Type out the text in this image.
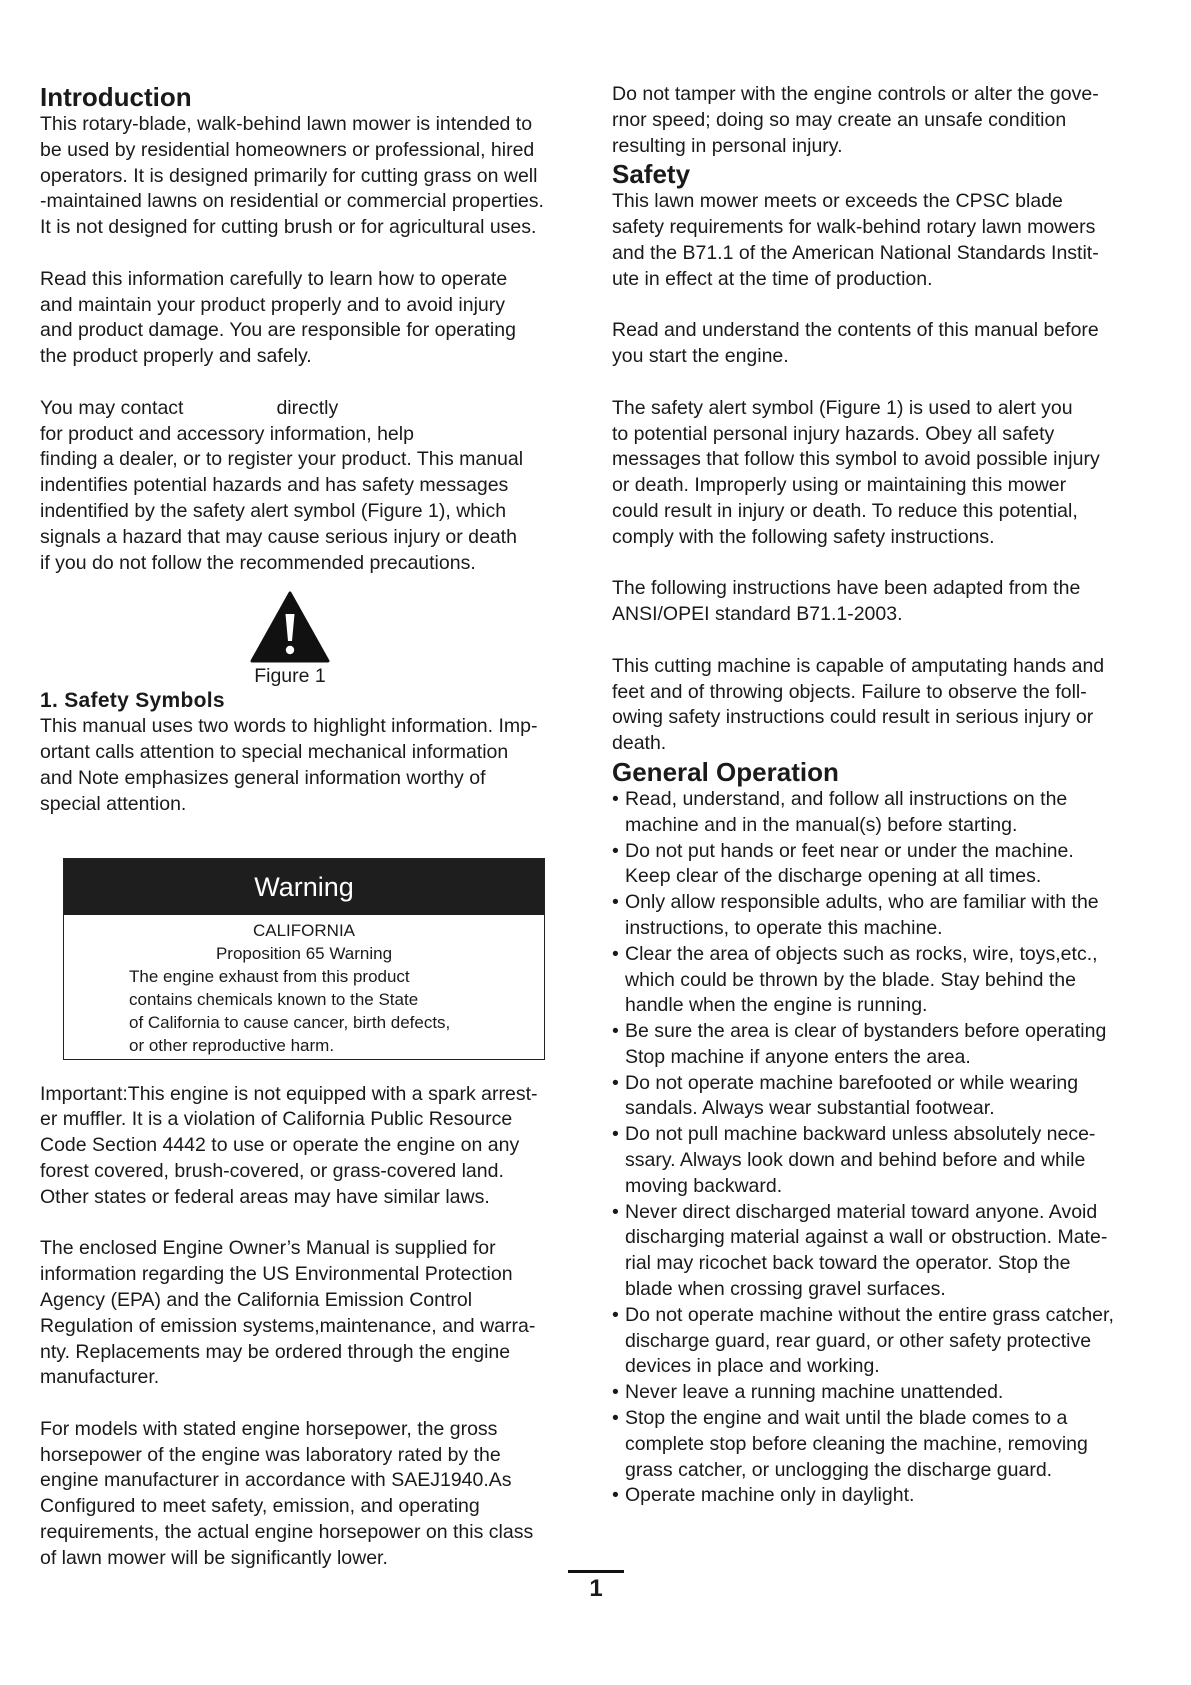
Introduction

This rotary-blade, walk-behind lawn mower is intended to
be used by residential homeowners or professional, hired
operators. It is designed primarily for cutting grass on well
-maintained lawns on residential or commercial properties.
It is not designed for cutting brush or for agricultural uses.

Read this information carefully to learn how to operate
and maintain your product properly and to avoid injury
and product damage. You are responsible for operating
the product properly and safely.

You may contact	directly
for product and accessory information, help
finding a dealer, or to register your product. This manual
indentifies potential hazards and has safety messages
indentified by the safety alert symbol (Figure 1), which
signals a hazard that may cause serious injury or death
if you do not follow the recommended precautions.

Figure 1
1. Safety Symbols

This manual uses two words to highlight information. Imp-
ortant calls attention to special mechanical information
and Note emphasizes general information worthy of
special attention.

Warning
CALIFORNIA
Proposition 65 Warning
The engine exhaust from this product
contains chemicals known to the State
of California to cause cancer, birth defects,
or other reproductive harm.

Important:This engine is not equipped with a spark arrest-
er muffler. It is a violation of California Public Resource
Code Section 4442 to use or operate the engine on any
forest covered, brush-covered, or grass-covered land.
Other states or federal areas may have similar laws.

The enclosed Engine Owner’s Manual is supplied for
information regarding the US Environmental Protection
Agency (EPA) and the California Emission Control
Regulation of emission systems,maintenance, and warra-
nty. Replacements may be ordered through the engine
manufacturer.

For models with stated engine horsepower, the gross
horsepower of the engine was laboratory rated by the
engine manufacturer in accordance with SAEJ1940.As
Configured to meet safety, emission, and operating
requirements, the actual engine horsepower on this class
of lawn mower will be significantly lower.

Do not tamper with the engine controls or alter the gove-
rnor speed; doing so may create an unsafe condition
resulting in personal injury.

Safety

This lawn mower meets or exceeds the CPSC blade
safety requirements for walk-behind rotary lawn mowers
and the B71.1 of the American National Standards Instit-
ute in effect at the time of production.

Read and understand the contents of this manual before
you start the engine.

The safety alert symbol (Figure 1) is used to alert you
to potential personal injury hazards. Obey all safety
messages that follow this symbol to avoid possible injury
or death. Improperly using or maintaining this mower
could result in injury or death. To reduce this potential,
comply with the following safety instructions.

The following instructions have been adapted from the
ANSI/OPEI standard B71.1-2003.

This cutting machine is capable of amputating hands and
feet and of throwing objects. Failure to observe the foll-
owing safety instructions could result in serious injury or
death.

General Operation
• Read, understand, and follow all instructions on the
machine and in the manual(s) before starting.
• Do not put hands or feet near or under the machine.
Keep clear of the discharge opening at all times.
• Only allow responsible adults, who are familiar with the
instructions, to operate this machine.
• Clear the area of objects such as rocks, wire, toys,etc.,
which could be thrown by the blade. Stay behind the
handle when the engine is running.
• Be sure the area is clear of bystanders before operating
Stop machine if anyone enters the area.
• Do not operate machine barefooted or while wearing
sandals. Always wear substantial footwear.
• Do not pull machine backward unless absolutely nece-
ssary. Always look down and behind before and while
moving backward.
• Never direct discharged material toward anyone. Avoid
discharging material against a wall or obstruction. Mate-
rial may ricochet back toward the operator. Stop the
blade when crossing gravel surfaces.
• Do not operate machine without the entire grass catcher,
discharge guard, rear guard, or other safety protective
devices in place and working.
• Never leave a running machine unattended.
• Stop the engine and wait until the blade comes to a
complete stop before cleaning the machine, removing
grass catcher, or unclogging the discharge guard.
• Operate machine only in daylight.
1
